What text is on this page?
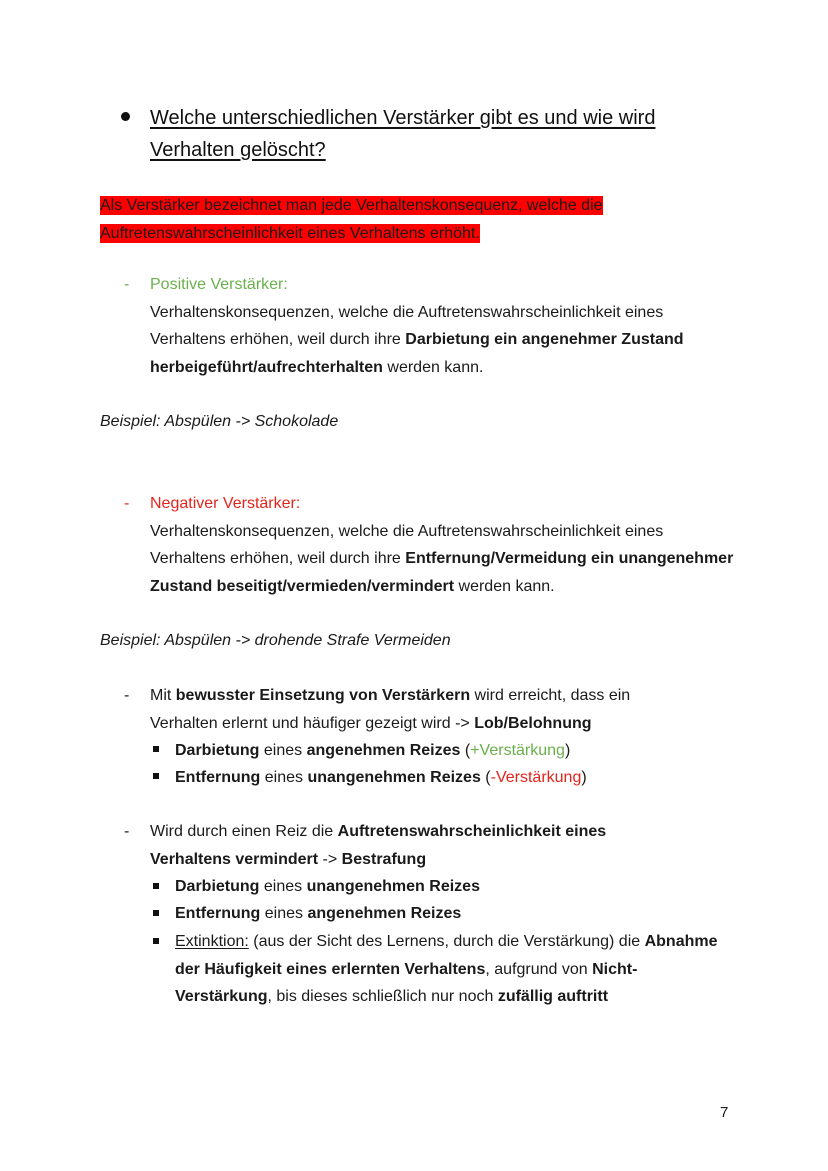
Welche unterschiedlichen Verstärker gibt es und wie wird Verhalten gelöscht?
Als Verstärker bezeichnet man jede Verhaltenskonsequenz, welche die
Auftretenswahrscheinlichkeit eines Verhaltens erhöht.
- Positive Verstärker:
Verhaltenskonsequenzen, welche die Auftretenswahrscheinlichkeit eines Verhaltens erhöhen, weil durch ihre Darbietung ein angenehmer Zustand herbeigeführt/aufrechterhalten werden kann.
Beispiel: Abspülen -> Schokolade
- Negativer Verstärker:
Verhaltenskonsequenzen, welche die Auftretenswahrscheinlichkeit eines Verhaltens erhöhen, weil durch ihre Entfernung/Vermeidung ein unangenehmer Zustand beseitigt/vermieden/vermindert werden kann.
Beispiel: Abspülen -> drohende Strafe Vermeiden
- Mit bewusster Einsetzung von Verstärkern wird erreicht, dass ein Verhalten erlernt und häufiger gezeigt wird -> Lob/Belohnung
Darbietung eines angenehmen Reizes (+Verstärkung)
Entfernung eines unangenehmen Reizes (-Verstärkung)
- Wird durch einen Reiz die Auftretenswahrscheinlichkeit eines Verhaltens vermindert -> Bestrafung
Darbietung eines unangenehmen Reizes
Entfernung eines angenehmen Reizes
Extinktion: (aus der Sicht des Lernens, durch die Verstärkung) die Abnahme der Häufigkeit eines erlernten Verhaltens, aufgrund von Nicht-Verstärkung, bis dieses schließlich nur noch zufällig auftritt
7
